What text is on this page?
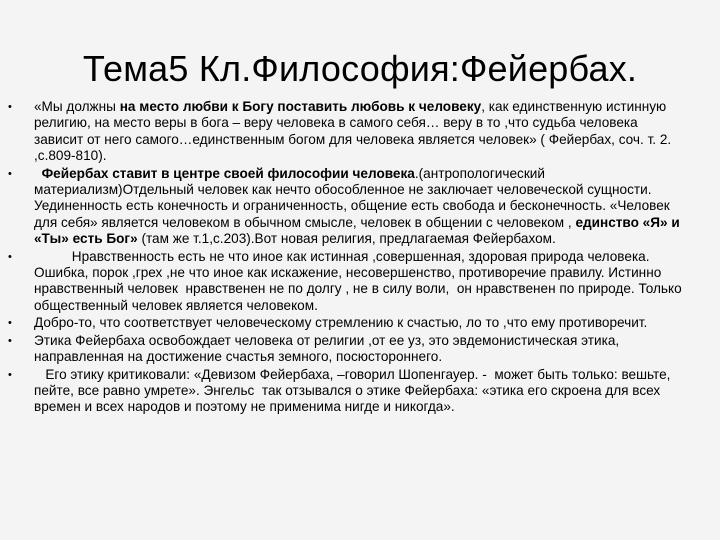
Тема5 Кл.Философия:Фейербах.
•	«Мы должны на место любви к Богу поставить любовь к человеку, как единственную истинную религию, на место веры в бога – веру человека в самого себя… веру в то ,что судьба человека зависит от него самого…единственным богом для человека является человек» ( Фейербах, соч. т. 2. ,с.809-810).
•	Фейербах ставит в центре своей философии человека.(антропологический материализм)Отдельный человек как нечто обособленное не заключает человеческой сущности. Уединенность есть конечность и ограниченность, общение есть свобода и бесконечность. «Человек для себя» является человеком в обычном смысле, человек в общении с человеком , единство «Я» и «Ты» есть Бог» (там же т.1,с.203).Вот новая религия, предлагаемая Фейербахом.
•	Нравственность есть не что иное как истинная ,совершенная, здоровая природа человека. Ошибка, порок ,грех ,не что иное как искажение, несовершенство, противоречие правилу. Истинно нравственный человек  нравственен не по долгу , не в силу воли,  он нравственен по природе. Только общественный человек является человеком.
•	Добро-то, что соответствует человеческому стремлению к счастью, ло то ,что ему противоречит.
•	Этика Фейербаха освобождает человека от религии ,от ее уз, это эвдемонистическая этика, направленная на достижение счастья земного, посюстороннего.
•	Его этику критиковали: «Девизом Фейербаха, –говорил Шопенгауер. -  может быть только: вешьте, пейте, все равно умрете». Энгельс  так отзывался о этике Фейербаха: «этика его скроена для всех времен и всех народов и поэтому не применима нигде и никогда».
